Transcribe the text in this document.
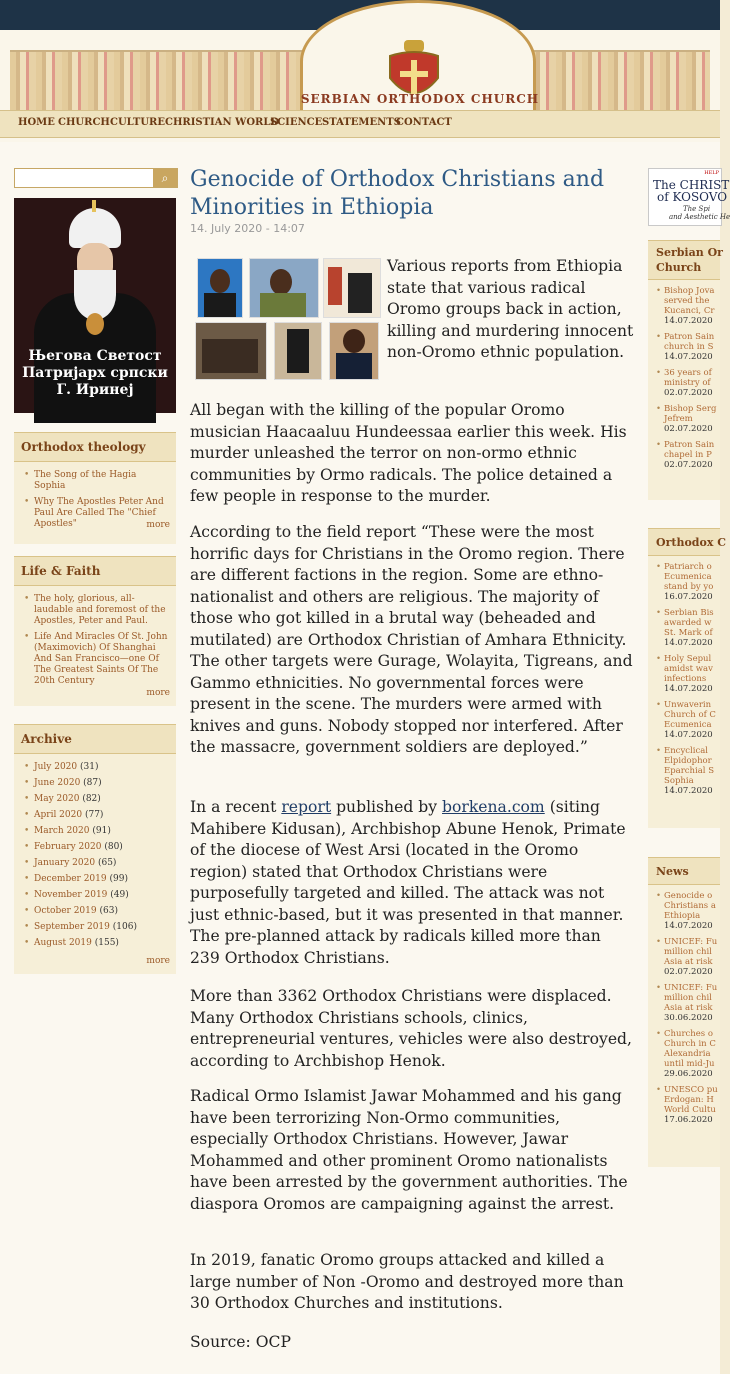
SERBIAN ORTHODOX CHURCH
HOME CHURCH CULTURE CHRISTIAN WORLD
SCIENCE STATEMENTS
CONTACT
⌕
Његова Светост
Патријарх српски
Г. Иринеј
Orthodox theology
• The Song of the Hagia Sophia
• Why The Apostles Peter And Paul Are Called The "Chief Apostles"	more
Life & Faith
• The holy, glorious, all-laudable and foremost of the Apostles, Peter and Paul.
• Life And Miracles Of St. John (Maximovich) Of Shanghai And San Francisco—one Of The Greatest Saints Of The 20th Century
more
Archive
• July 2020 (31)
• June 2020 (87)
• May 2020 (82)
• April 2020 (77)
• March 2020 (91)
• February 2020 (80)
• January 2020 (65)
• December 2019 (99)
• November 2019 (49)
• October 2019 (63)
• September 2019 (106)
• August 2019 (155)
more
Genocide of Orthodox Christians and Minorities in Ethiopia
14. July 2020 - 14:07
Various reports from Ethiopia state that various radical Oromo groups back in action, killing and murdering innocent non-Oromo ethnic population.

All began with the killing of the popular Oromo musician Haacaaluu Hundeessaa earlier this week. His murder unleashed the terror on non-ormo ethnic communities by Ormo radicals. The police detained a few people in response to the murder.

According to the field report “These were the most horrific days for Christians in the Oromo region. There are different factions in the region. Some are ethno-nationalist and others are religious. The majority of those who got killed in a brutal way (beheaded and mutilated) are Orthodox Christian of Amhara Ethnicity. The other targets were Gurage, Wolayita, Tigreans, and Gammo ethnicities. No governmental forces were present in the scene. The murders were armed with knives and guns. Nobody stopped nor interfered. After the massacre, government soldiers are deployed.”

In a recent report published by borkena.com (siting Mahibere Kidusan), Archbishop Abune Henok, Primate of the diocese of West Arsi (located in the Oromo region) stated that Orthodox Christians were purposefully targeted and killed. The attack was not just ethnic-based, but it was presented in that manner. The pre-planned attack by radicals killed more than 239 Orthodox Christians.

More than 3362 Orthodox Christians were displaced. Many Orthodox Christians schools, clinics, entrepreneurial ventures, vehicles were also destroyed, according to Archbishop Henok.

Radical Ormo Islamist Jawar Mohammed and his gang have been terrorizing Non-Ormo communities, especially Orthodox Christians. However, Jawar Mohammed and other prominent Oromo nationalists have been arrested by the government authorities. The diaspora Oromos are campaigning against the arrest.

In 2019, fanatic Oromo groups attacked and killed a large number of Non -Oromo and destroyed more than 30 Orthodox Churches and institutions.

Source: OCP

HELP
The CHRIST
of KOSOVO
The Spi
and Aesthetic He
Serbian Or
Church
• Bishop Jova
served the
Kucanci, Cr
14.07.2020
• Patron Sain
church in S
14.07.2020
• 36 years of
ministry of
02.07.2020
• Bishop Serg
Jefrem
02.07.2020
• Patron Sain
chapel in P
02.07.2020
Orthodox C
• Patriarch o
Ecumenica
stand by yo
16.07.2020
• Serbian Bis
awarded w
St. Mark of
14.07.2020
• Holy Sepul
amidst wav
infections
14.07.2020
• Unwaverin
Church of C
Ecumenica
14.07.2020
• Encyclical
Elpidophor
Eparchial S
Sophia
14.07.2020
News
• Genocide o
Christians a
Ethiopia
14.07.2020
• UNICEF: Fu
million chil
Asia at risk
02.07.2020
• UNICEF: Fu
million chil
Asia at risk
30.06.2020
• Churches o
Church in C
Alexandria
until mid-Ju
29.06.2020
• UNESCO pu
Erdogan: H
World Cultu
17.06.2020
